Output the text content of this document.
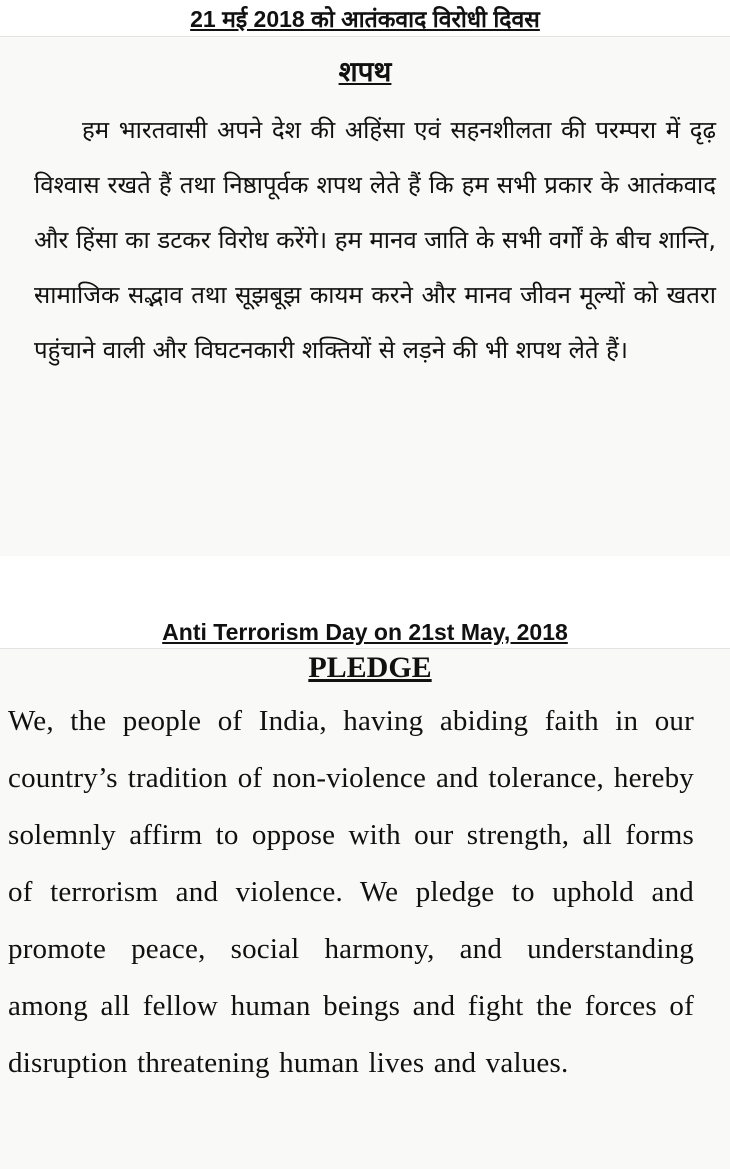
21 मई 2018 को आतंकवाद विरोधी दिवस
शपथ

हम भारतवासी अपने देश की अहिंसा एवं सहनशीलता की परम्परा में दृढ़ विश्वास रखते हैं तथा निष्ठापूर्वक शपथ लेते हैं कि हम सभी प्रकार के आतंकवाद और हिंसा का डटकर विरोध करेंगे। हम मानव जाति के सभी वर्गों के बीच शान्ति, सामाजिक सद्भाव तथा सूझबूझ कायम करने और मानव जीवन मूल्यों को खतरा पहुंचाने वाली और विघटनकारी शक्तियों से लड़ने की भी शपथ लेते हैं।

Anti Terrorism Day on 21st May, 2018
PLEDGE

We, the people of India, having abiding faith in our country’s tradition of non-violence and tolerance, hereby solemnly affirm to oppose with our strength, all forms of terrorism and violence. We pledge to uphold and promote peace, social harmony, and understanding among all fellow human beings and fight the forces of disruption threatening human lives and values.
